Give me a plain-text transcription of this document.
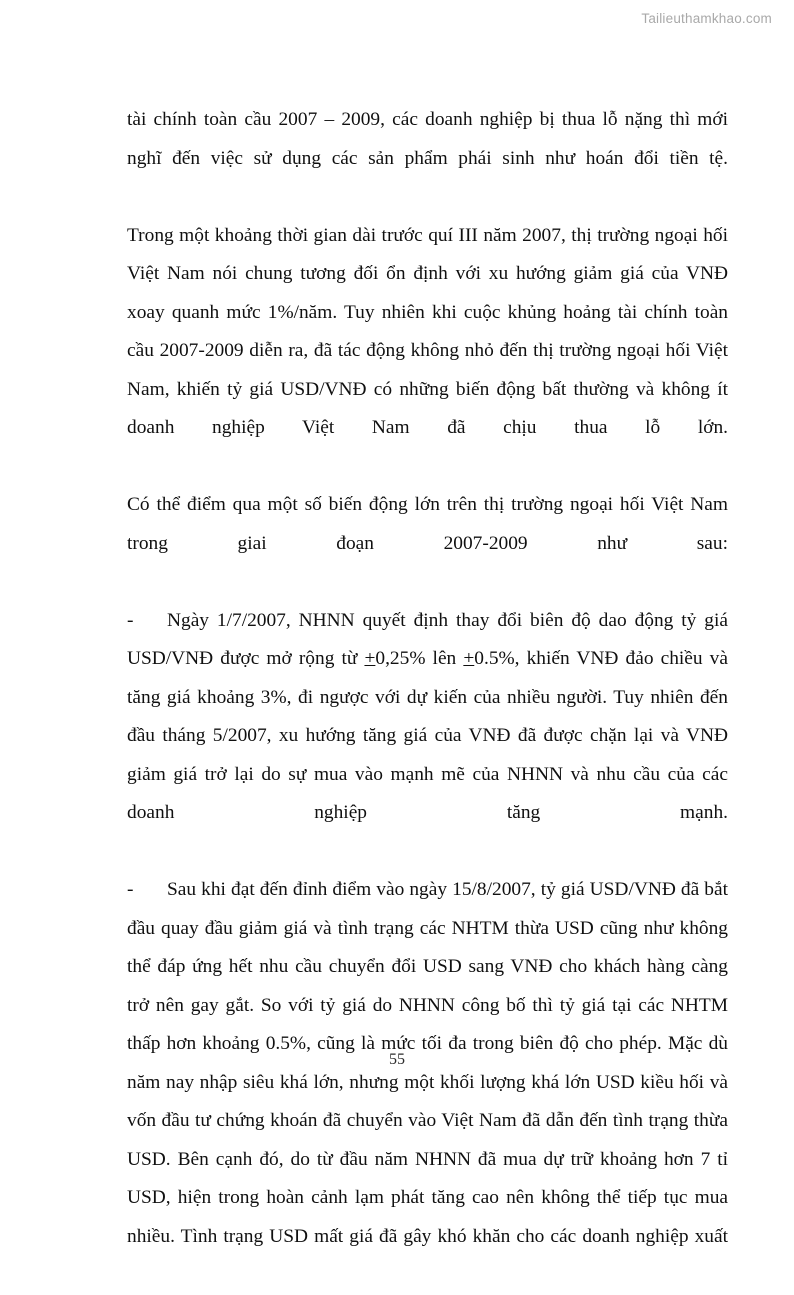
Tailieuthamkhao.com

tài chính toàn cầu 2007 – 2009, các doanh nghiệp bị thua lỗ nặng thì mới nghĩ đến việc sử dụng các sản phẩm phái sinh như hoán đổi tiền tệ.

Trong một khoảng thời gian dài trước quí III năm 2007, thị trường ngoại hối Việt Nam nói chung tương đối ổn định với xu hướng giảm giá của VNĐ xoay quanh mức 1%/năm. Tuy nhiên khi cuộc khủng hoảng tài chính toàn cầu 2007-2009 diễn ra, đã tác động không nhỏ đến thị trường ngoại hối Việt Nam, khiến tỷ giá USD/VNĐ có những biến động bất thường và không ít doanh nghiệp Việt Nam đã chịu thua lỗ lớn.

Có thể điểm qua một số biến động lớn trên thị trường ngoại hối Việt Nam trong giai đoạn 2007-2009 như sau:

- Ngày 1/7/2007, NHNN quyết định thay đổi biên độ dao động tỷ giá USD/VNĐ được mở rộng từ +0,25% lên +0.5%, khiến VNĐ đảo chiều và tăng giá khoảng 3%, đi ngược với dự kiến của nhiều người. Tuy nhiên đến đầu tháng 5/2007, xu hướng tăng giá của VNĐ đã được chặn lại và VNĐ giảm giá trở lại do sự mua vào mạnh mẽ của NHNN và nhu cầu của các doanh nghiệp tăng mạnh.

- Sau khi đạt đến đỉnh điểm vào ngày 15/8/2007, tỷ giá USD/VNĐ đã bắt đầu quay đầu giảm giá và tình trạng các NHTM thừa USD cũng như không thể đáp ứng hết nhu cầu chuyển đổi USD sang VNĐ cho khách hàng càng trở nên gay gắt. So với tỷ giá do NHNN công bố thì tỷ giá tại các NHTM thấp hơn khoảng 0.5%, cũng là mức tối đa trong biên độ cho phép. Mặc dù năm nay nhập siêu khá lớn, nhưng một khối lượng khá lớn USD kiều hối và vốn đầu tư chứng khoán đã chuyển vào Việt Nam đã dẫn đến tình trạng thừa USD. Bên cạnh đó, do từ đầu năm NHNN đã mua dự trữ khoảng hơn 7 tỉ USD, hiện trong hoàn cảnh lạm phát tăng cao nên không thể tiếp tục mua nhiều. Tình trạng USD mất giá đã gây khó khăn cho các doanh nghiệp xuất

55
